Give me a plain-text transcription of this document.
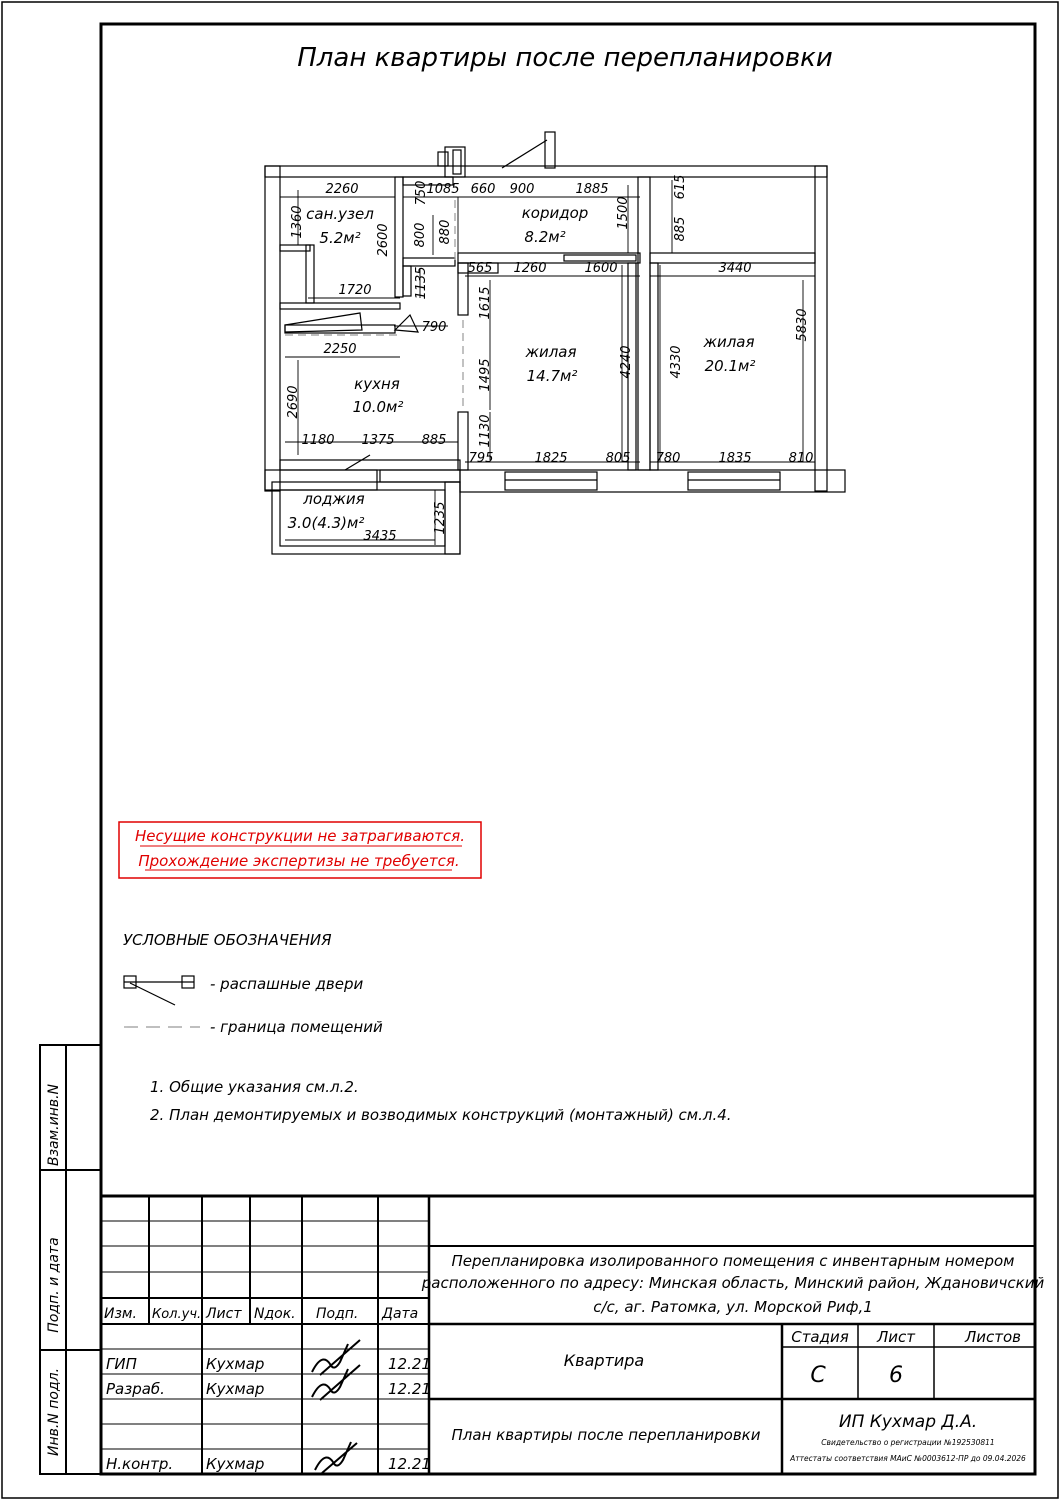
План квартиры после перепланировки
сан.узел
5.2м²
коридор
8.2м²
кухня
10.0м²
жилая
14.7м²
жилая
20.1м²
лоджия
3.0(4.3)м²
2260	1085 660 900	1885
565 1260	1600	3440
1720
790
2250
1180 1375 885
795	1825	805 780	1835	810
3435
1360
2600
750
800 880
1500
615
885
1135
1615
5830
1495	4240	4330
2690
1130
1235
Несущие конструкции не затрагиваются.
Прохождение экспертизы не требуется.
УСЛОВНЫЕ ОБОЗНАЧЕНИЯ
- распашные двери
- граница помещений
1. Общие указания см.л.2.
2. План демонтируемых и возводимых конструкций (монтажный) см.л.4.
Взам.инв.N
Подп. и дата
Инв.N подл.
Изм. Кол.уч. Лист Nдок. Подп. Дата
ГИП	Кухмар	12.21
Разраб.	Кухмар	12.21
Н.контр. Кухмар	12.21
Перепланировка изолированного помещения с инвентарным номером
расположенного по адресу: Минская область, Минский район, Ждановичский
с/с, аг. Ратомка, ул. Морской Риф,1
Квартира
Стадия Лист	Листов
С	6
План квартиры после перепланировки
ИП Кухмар Д.А.
Свидетельство о регистрации №192530811
Аттестаты соответствия МАиС №0003612-ПР до 09.04.2026
